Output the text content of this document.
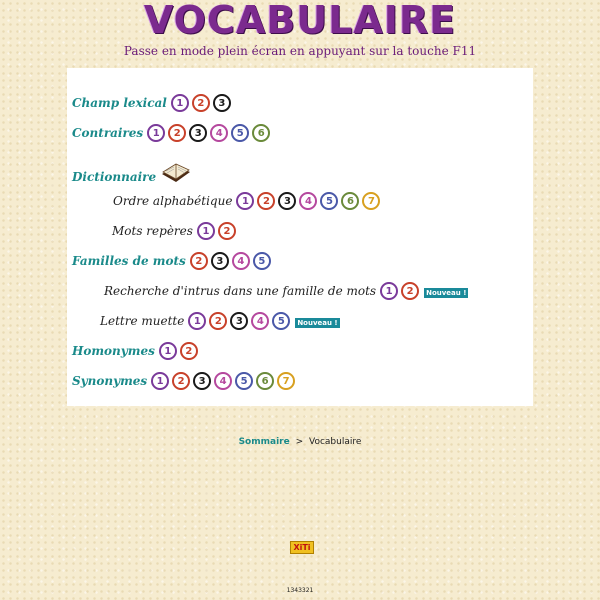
VOCABULAIRE
Passe en mode plein écran en appuyant sur la touche F11
Champ lexical 1	2	3
Contraires 1	2	3	4	5	6
Dictionnaire
Ordre alphabétique 1	2	3	4	5	6	7
Mots repères 1	2
Familles de mots 2	3	4	5
Recherche d'intrus dans une famille de mots 1	2	Nouveau !
Lettre muette 1	2	3	4	5	Nouveau !
Homonymes 1	2
Synonymes 1	2	3	4	5	6	7
Sommaire > Vocabulaire
XiTi
1343321
